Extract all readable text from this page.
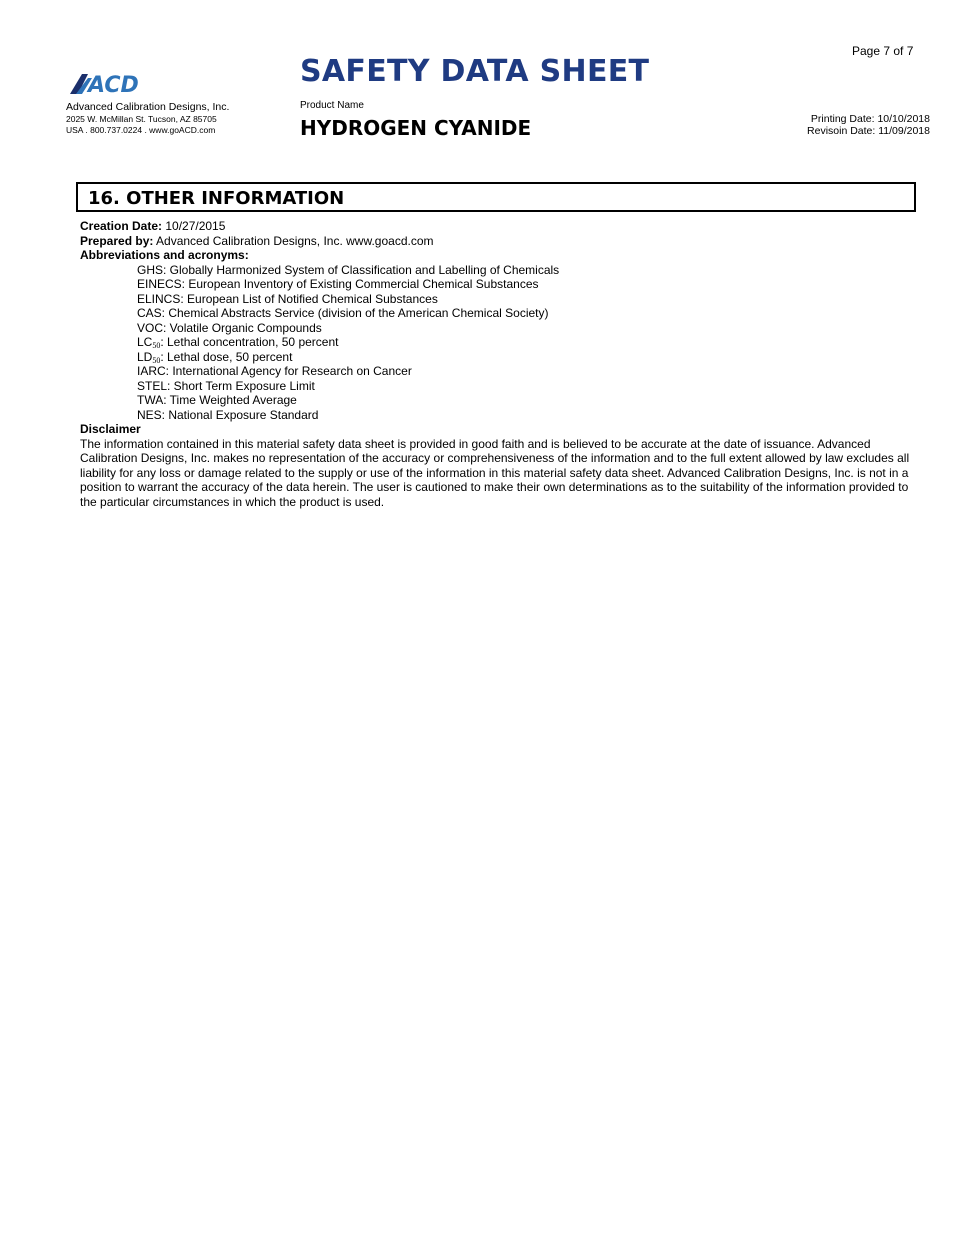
ACD
Advanced Calibration Designs, Inc.
2025 W. McMillan St. Tucson, AZ 85705
USA . 800.737.0224 . www.goACD.com
SAFETY DATA SHEET
Product Name
HYDROGEN CYANIDE
Page 7 of 7
Printing Date: 10/10/2018
Revisoin Date: 11/09/2018
16. OTHER INFORMATION
Creation Date: 10/27/2015
Prepared by: Advanced Calibration Designs, Inc. www.goacd.com
Abbreviations and acronyms:
GHS: Globally Harmonized System of Classification and Labelling of Chemicals
EINECS: European Inventory of Existing Commercial Chemical Substances
ELINCS: European List of Notified Chemical Substances
CAS: Chemical Abstracts Service (division of the American Chemical Society)
VOC: Volatile Organic Compounds
$LC_{50}$: Lethal concentration, 50 percent
$LD_{50}$: Lethal dose, 50 percent
IARC: International Agency for Research on Cancer
STEL: Short Term Exposure Limit
TWA: Time Weighted Average
NES: National Exposure Standard
Disclaimer
The information contained in this material safety data sheet is provided in good faith and is believed to be accurate at the date of issuance. Advanced Calibration Designs, Inc. makes no representation of the accuracy or comprehensiveness of the information and to the full extent allowed by law excludes all liability for any loss or damage related to the supply or use of the information in this material safety data sheet. Advanced Calibration Designs, Inc. is not in a position to warrant the accuracy of the data herein. The user is cautioned to make their own determinations as to the suitability of the information provided to the particular circumstances in which the product is used.
